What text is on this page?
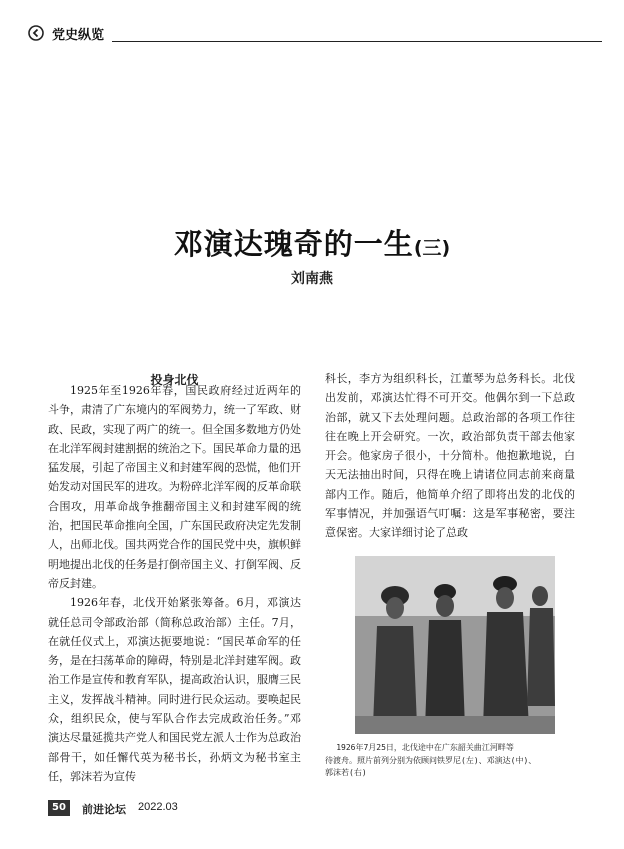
党史纵览
邓演达瑰奇的一生(三)
刘南燕
投身北伐

1925年至1926年春，国民政府经过近两年的斗争，肃清了广东境内的军阀势力，统一了军政、财政、民政，实现了两广的统一。但全国多数地方仍处在北洋军阀封建割据的统治之下。国民革命力量的迅猛发展，引起了帝国主义和封建军阀的恐慌，他们开始发动对国民军的进攻。为粉碎北洋军阀的反革命联合围攻，用革命战争推翻帝国主义和封建军阀的统治，把国民革命推向全国，广东国民政府决定先发制人，出师北伐。国共两党合作的国民党中央，旗帜鲜明地提出北伐的任务是打倒帝国主义、打倒军阀、反帝反封建。

1926年春，北伐开始紧张筹备。6月，邓演达就任总司令部政治部（简称总政治部）主任。7月，在就任仪式上，邓演达扼要地说：“国民革命军的任务，是在扫荡革命的障碍，特别是北洋封建军阀。政治工作是宣传和教育军队，提高政治认识，服膺三民主义，发挥战斗精神。同时进行民众运动。要唤起民众，组织民众，使与军队合作去完成政治任务。”邓演达尽量延揽共产党人和国民党左派人士作为总政治部骨干，如任懈代英为秘书长，孙炳文为秘书室主任，郭沫若为宣传

科长，李方为组织科长，江董琴为总务科长。北伐出发前，邓演达忙得不可开交。他偶尔到一下总政治部，就又下去处理问题。总政治部的各项工作往往在晚上开会研究。一次，政治部负责干部去他家开会。他家房子很小，十分简朴。他抱歉地说，白天无法抽出时间，只得在晚上请诸位同志前来商量部内工作。随后，他简单介绍了即将出发的北伐的军事情况，并加强语气叮嘱：这是军事秘密，要注意保密。大家详细讨论了总政

1926年7月25日，北伐途中在广东韶关曲江河畔等
待渡舟。照片前列分别为依顾问铁罗尼(左)、邓演达(中)、
郭沫若(右)
50	前进论坛 2022.03
